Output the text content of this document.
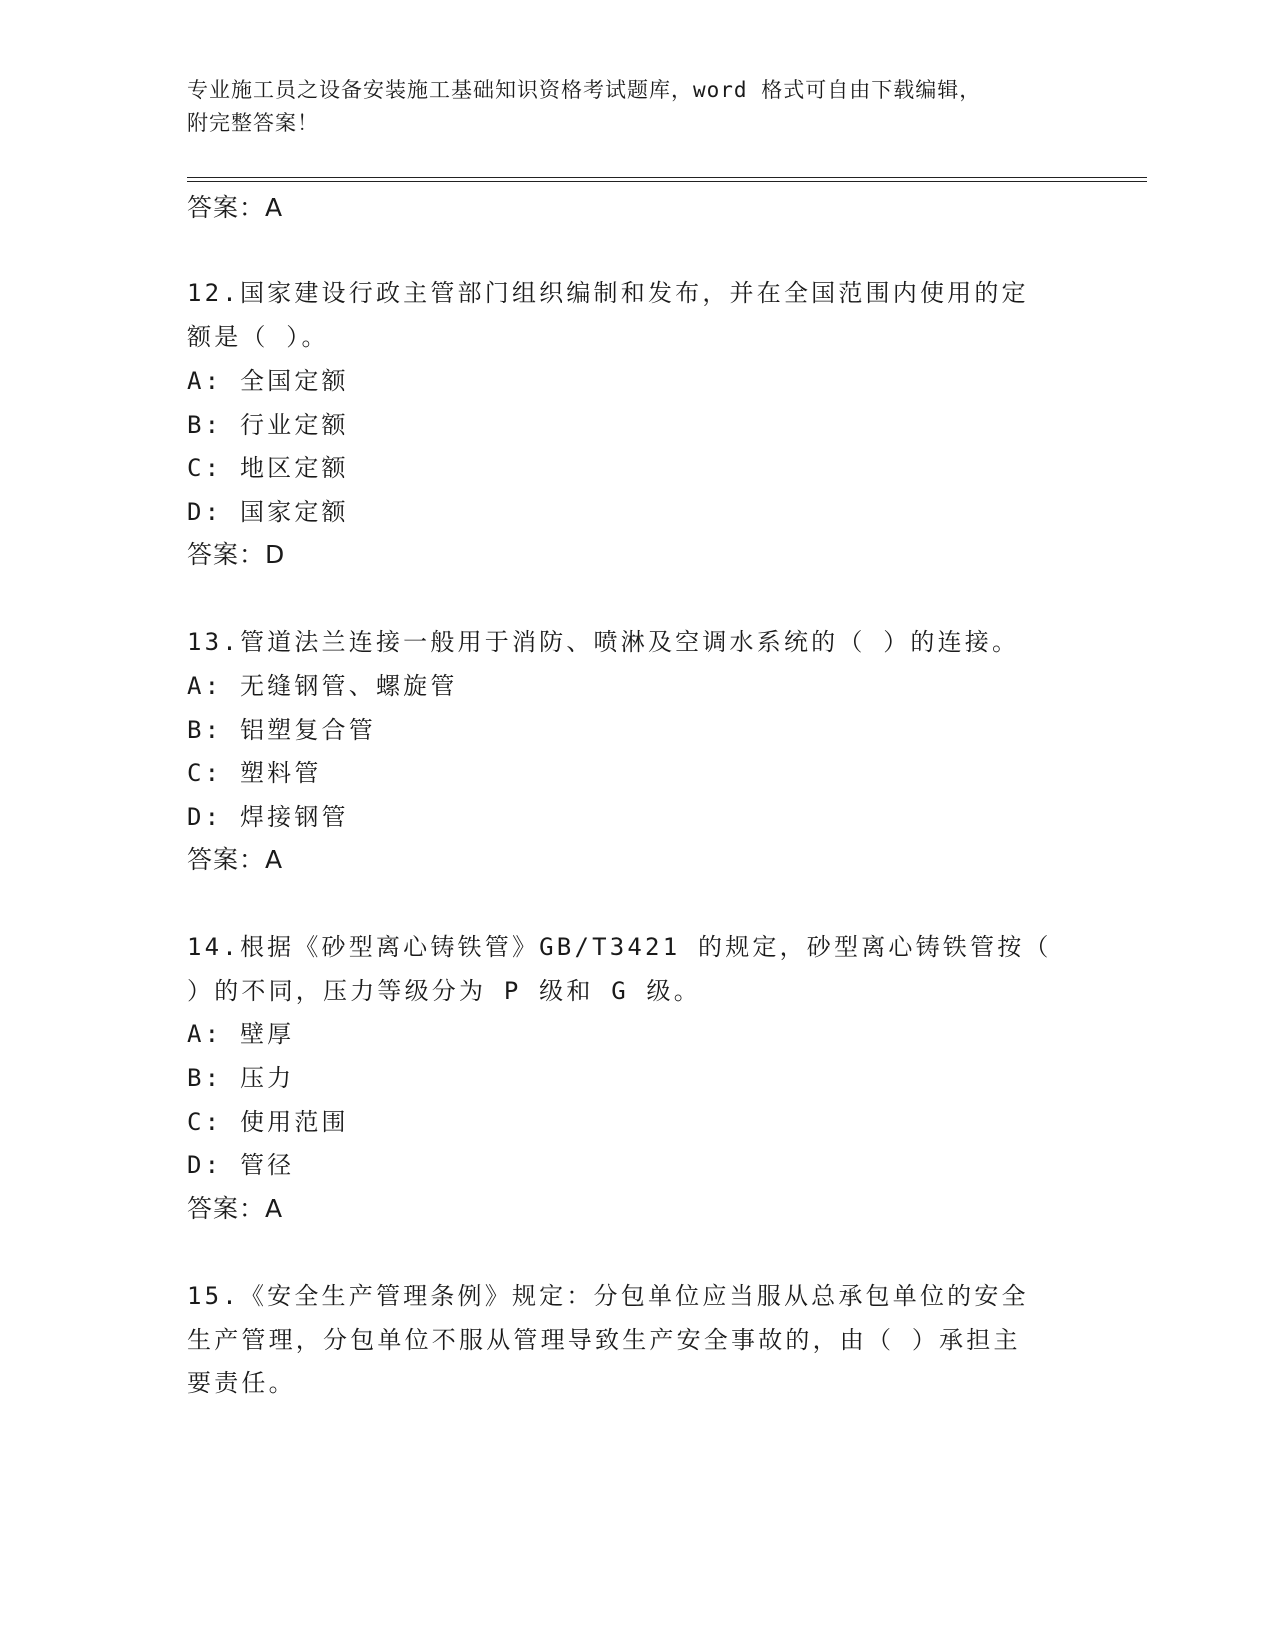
专业施工员之设备安装施工基础知识资格考试题库，word 格式可自由下载编辑，
附完整答案！
答案：A
12.国家建设行政主管部门组织编制和发布，并在全国范围内使用的定
额是（ ）。
A: 全国定额
B: 行业定额
C: 地区定额
D: 国家定额
答案：D
13.管道法兰连接一般用于消防、喷淋及空调水系统的（ ）的连接。
A: 无缝钢管、螺旋管
B: 铝塑复合管
C: 塑料管
D: 焊接钢管
答案：A
14.根据《砂型离心铸铁管》GB/T3421 的规定，砂型离心铸铁管按（
）的不同，压力等级分为 P 级和 G 级。
A: 壁厚
B: 压力
C: 使用范围
D: 管径
答案：A
15.《安全生产管理条例》规定：分包单位应当服从总承包单位的安全
生产管理，分包单位不服从管理导致生产安全事故的，由（ ）承担主
要责任。
